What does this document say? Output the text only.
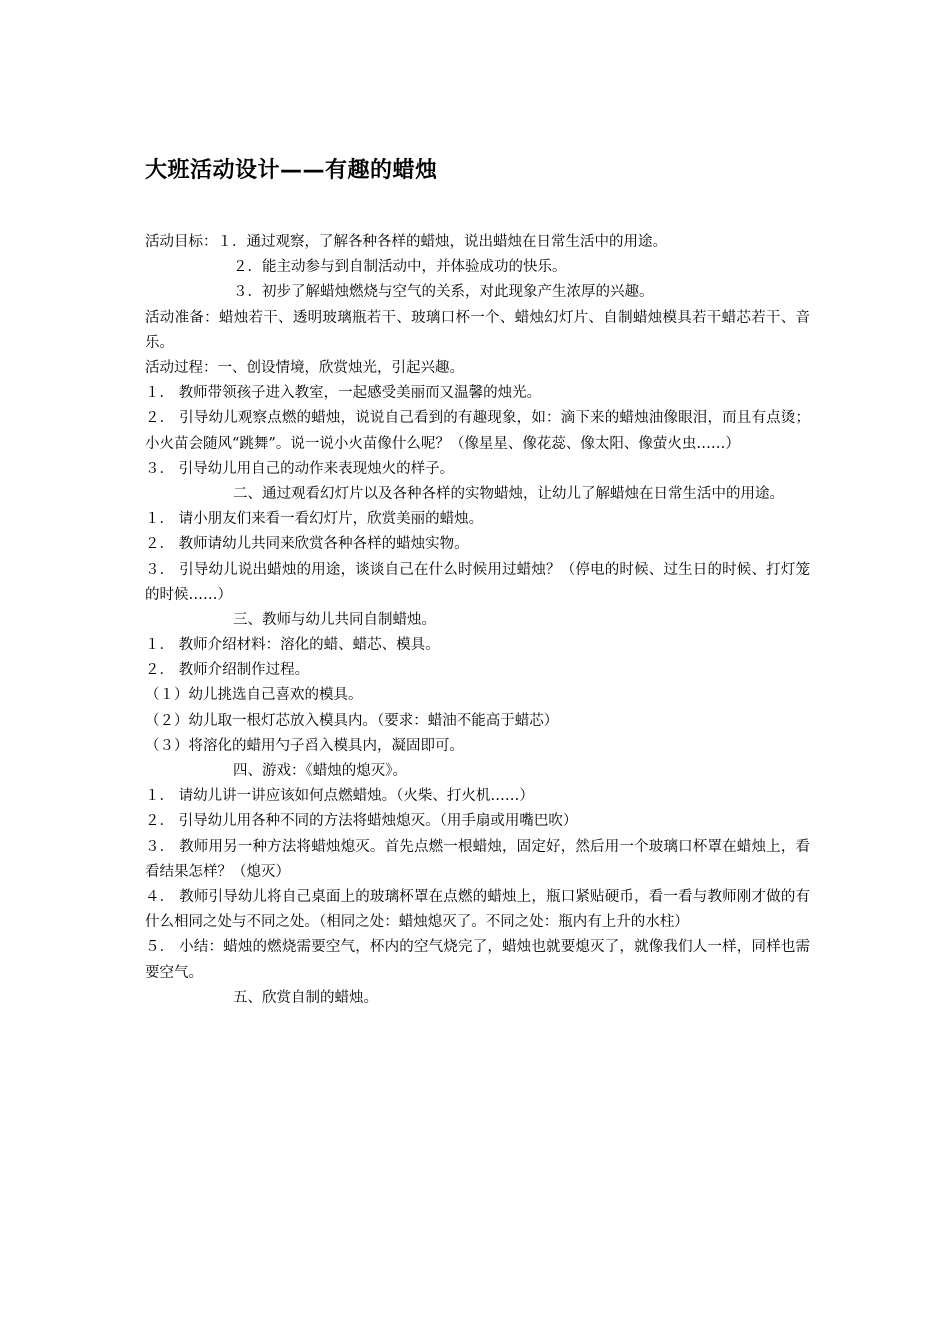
大班活动设计——有趣的蜡烛
活动目标：１．通过观察，了解各种各样的蜡烛，说出蜡烛在日常生活中的用途。
２．能主动参与到自制活动中，并体验成功的快乐。
３．初步了解蜡烛燃烧与空气的关系，对此现象产生浓厚的兴趣。
活动准备：蜡烛若干、透明玻璃瓶若干、玻璃口杯一个、蜡烛幻灯片、自制蜡烛模具若干蜡芯若干、音乐。
活动过程：一、创设情境，欣赏烛光，引起兴趣。
１． 教师带领孩子进入教室，一起感受美丽而又温馨的烛光。
２． 引导幼儿观察点燃的蜡烛，说说自己看到的有趣现象，如：滴下来的蜡烛油像眼泪，而且有点烫；小火苗会随风“跳舞”。说一说小火苗像什么呢？（像星星、像花蕊、像太阳、像萤火虫……）
３． 引导幼儿用自己的动作来表现烛火的样子。
二、通过观看幻灯片以及各种各样的实物蜡烛，让幼儿了解蜡烛在日常生活中的用途。
１． 请小朋友们来看一看幻灯片，欣赏美丽的蜡烛。
２． 教师请幼儿共同来欣赏各种各样的蜡烛实物。
３． 引导幼儿说出蜡烛的用途，谈谈自己在什么时候用过蜡烛？（停电的时候、过生日的时候、打灯笼的时候……）
三、教师与幼儿共同自制蜡烛。
１． 教师介绍材料：溶化的蜡、蜡芯、模具。
２． 教师介绍制作过程。
（１）幼儿挑选自己喜欢的模具。
（２）幼儿取一根灯芯放入模具内。（要求：蜡油不能高于蜡芯）
（３）将溶化的蜡用勺子舀入模具内，凝固即可。
四、游戏：《蜡烛的熄灭》。
１． 请幼儿讲一讲应该如何点燃蜡烛。（火柴、打火机……）
２． 引导幼儿用各种不同的方法将蜡烛熄灭。（用手扇或用嘴巴吹）
３． 教师用另一种方法将蜡烛熄灭。首先点燃一根蜡烛，固定好，然后用一个玻璃口杯罩在蜡烛上，看看结果怎样？（熄灭）
４． 教师引导幼儿将自己桌面上的玻璃杯罩在点燃的蜡烛上，瓶口紧贴硬币，看一看与教师刚才做的有什么相同之处与不同之处。（相同之处：蜡烛熄灭了。不同之处：瓶内有上升的水柱）
５． 小结：蜡烛的燃烧需要空气，杯内的空气烧完了，蜡烛也就要熄灭了，就像我们人一样，同样也需要空气。
五、欣赏自制的蜡烛。
